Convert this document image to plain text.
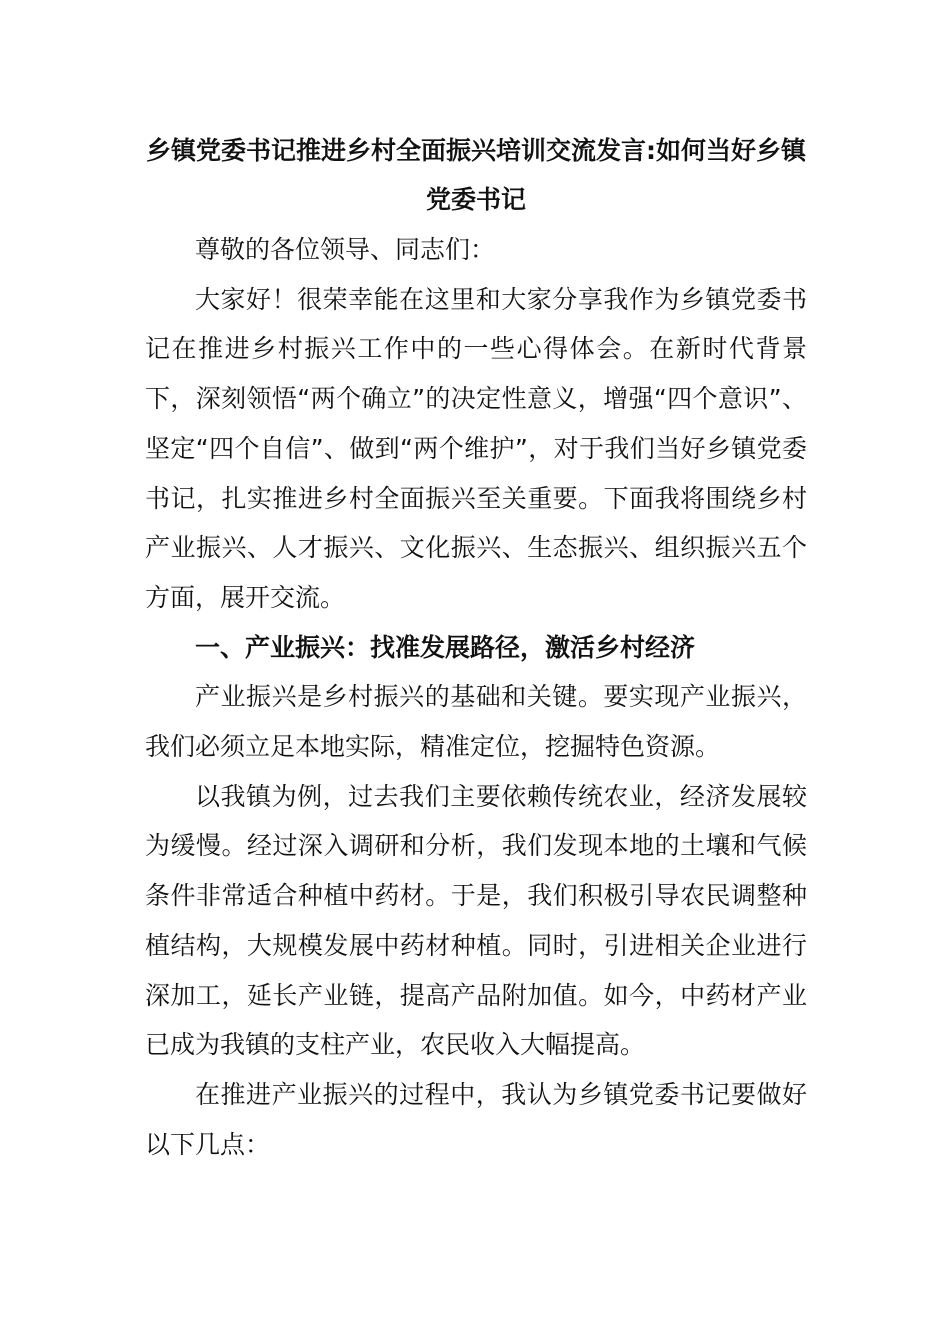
乡镇党委书记推进乡村全面振兴培训交流发言:如何当好乡镇党委书记

尊敬的各位领导、同志们：

大家好！很荣幸能在这里和大家分享我作为乡镇党委书记在推进乡村振兴工作中的一些心得体会。在新时代背景下，深刻领悟“两个确立”的决定性意义，增强“四个意识”、坚定“四个自信”、做到“两个维护”，对于我们当好乡镇党委书记，扎实推进乡村全面振兴至关重要。下面我将围绕乡村产业振兴、人才振兴、文化振兴、生态振兴、组织振兴五个方面，展开交流。

一、产业振兴：找准发展路径，激活乡村经济

产业振兴是乡村振兴的基础和关键。要实现产业振兴，我们必须立足本地实际，精准定位，挖掘特色资源。

以我镇为例，过去我们主要依赖传统农业，经济发展较为缓慢。经过深入调研和分析，我们发现本地的土壤和气候条件非常适合种植中药材。于是，我们积极引导农民调整种植结构，大规模发展中药材种植。同时，引进相关企业进行深加工，延长产业链，提高产品附加值。如今，中药材产业已成为我镇的支柱产业，农民收入大幅提高。

在推进产业振兴的过程中，我认为乡镇党委书记要做好以下几点：
